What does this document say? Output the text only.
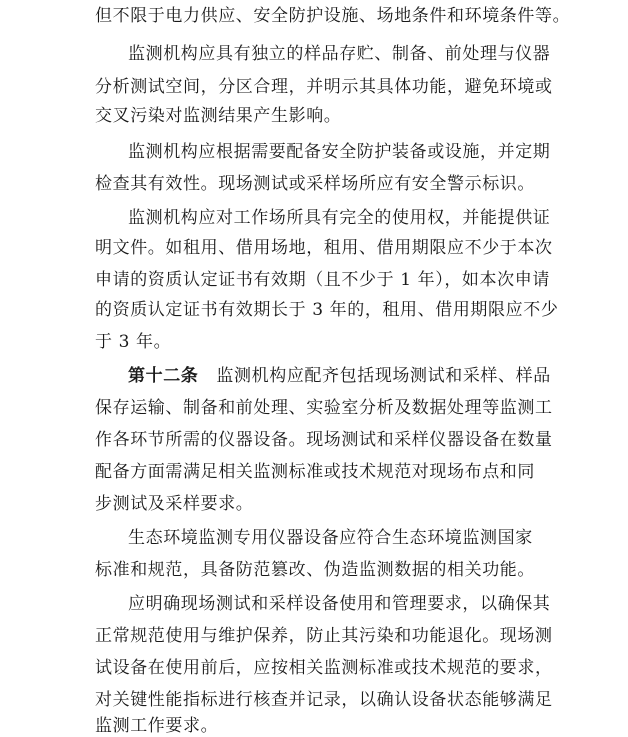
但不限于电力供应、安全防护设施、场地条件和环境条件等。
监测机构应具有独立的样品存贮、制备、前处理与仪器
分析测试空间，分区合理，并明示其具体功能，避免环境或
交叉污染对监测结果产生影响。
监测机构应根据需要配备安全防护装备或设施，并定期
检查其有效性。现场测试或采样场所应有安全警示标识。
监测机构应对工作场所具有完全的使用权，并能提供证
明文件。如租用、借用场地，租用、借用期限应不少于本次
申请的资质认定证书有效期（且不少于 1 年），如本次申请
的资质认定证书有效期长于 3 年的，租用、借用期限应不少
于 3 年。
第十二条 监测机构应配齐包括现场测试和采样、样品
保存运输、制备和前处理、实验室分析及数据处理等监测工
作各环节所需的仪器设备。现场测试和采样仪器设备在数量
配备方面需满足相关监测标准或技术规范对现场布点和同
步测试及采样要求。
生态环境监测专用仪器设备应符合生态环境监测国家
标准和规范，具备防范篡改、伪造监测数据的相关功能。
应明确现场测试和采样设备使用和管理要求，以确保其
正常规范使用与维护保养，防止其污染和功能退化。现场测
试设备在使用前后，应按相关监测标准或技术规范的要求，
对关键性能指标进行核查并记录，以确认设备状态能够满足
监测工作要求。
